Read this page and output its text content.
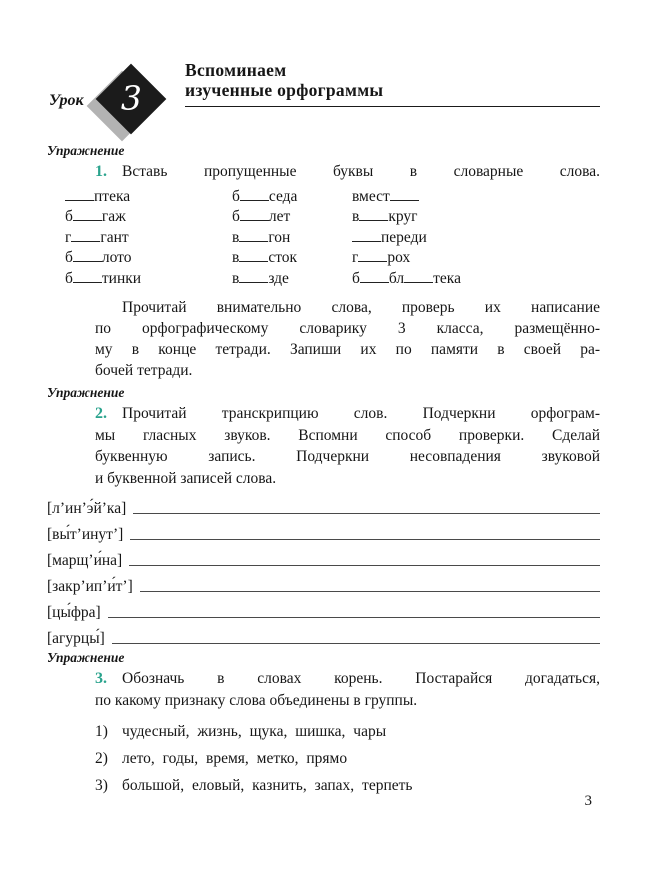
Урок 3
Вспоминаем
изученные орфограммы
Упражнение
1. Вставь пропущенные буквы в словарные слова.
птека
б гаж
г гант
б лото
б тинки
б седа
б лет
в гон
в сток
в зде
вмест
в круг
переди
г рох
б бл тека
Прочитай внимательно слова, проверь их написание
по орфографическому словарику 3 класса, размещённо-
му в конце тетради. Запиши их по памяти в своей ра-
бочей тетради.
Упражнение
2. Прочитай транскрипцию слов. Подчеркни орфограм-
мы гласных звуков. Вспомни способ проверки. Сделай
буквенную запись. Подчеркни несовпадения звуковой
и буквенной записей слова.
[л’ин’э́й’ка]
[вы́т’инут’]
[марщ’и́на]
[закр’ип’и́т’]
[цы́фра]
[агурцы́]
Упражнение
3. Обозначь в словах корень. Постарайся догадаться,
по какому признаку слова объединены в группы.
1) чудесный, жизнь, щука, шишка, чары
2) лето, годы, время, метко, прямо
3) большой, еловый, казнить, запах, терпеть
3
